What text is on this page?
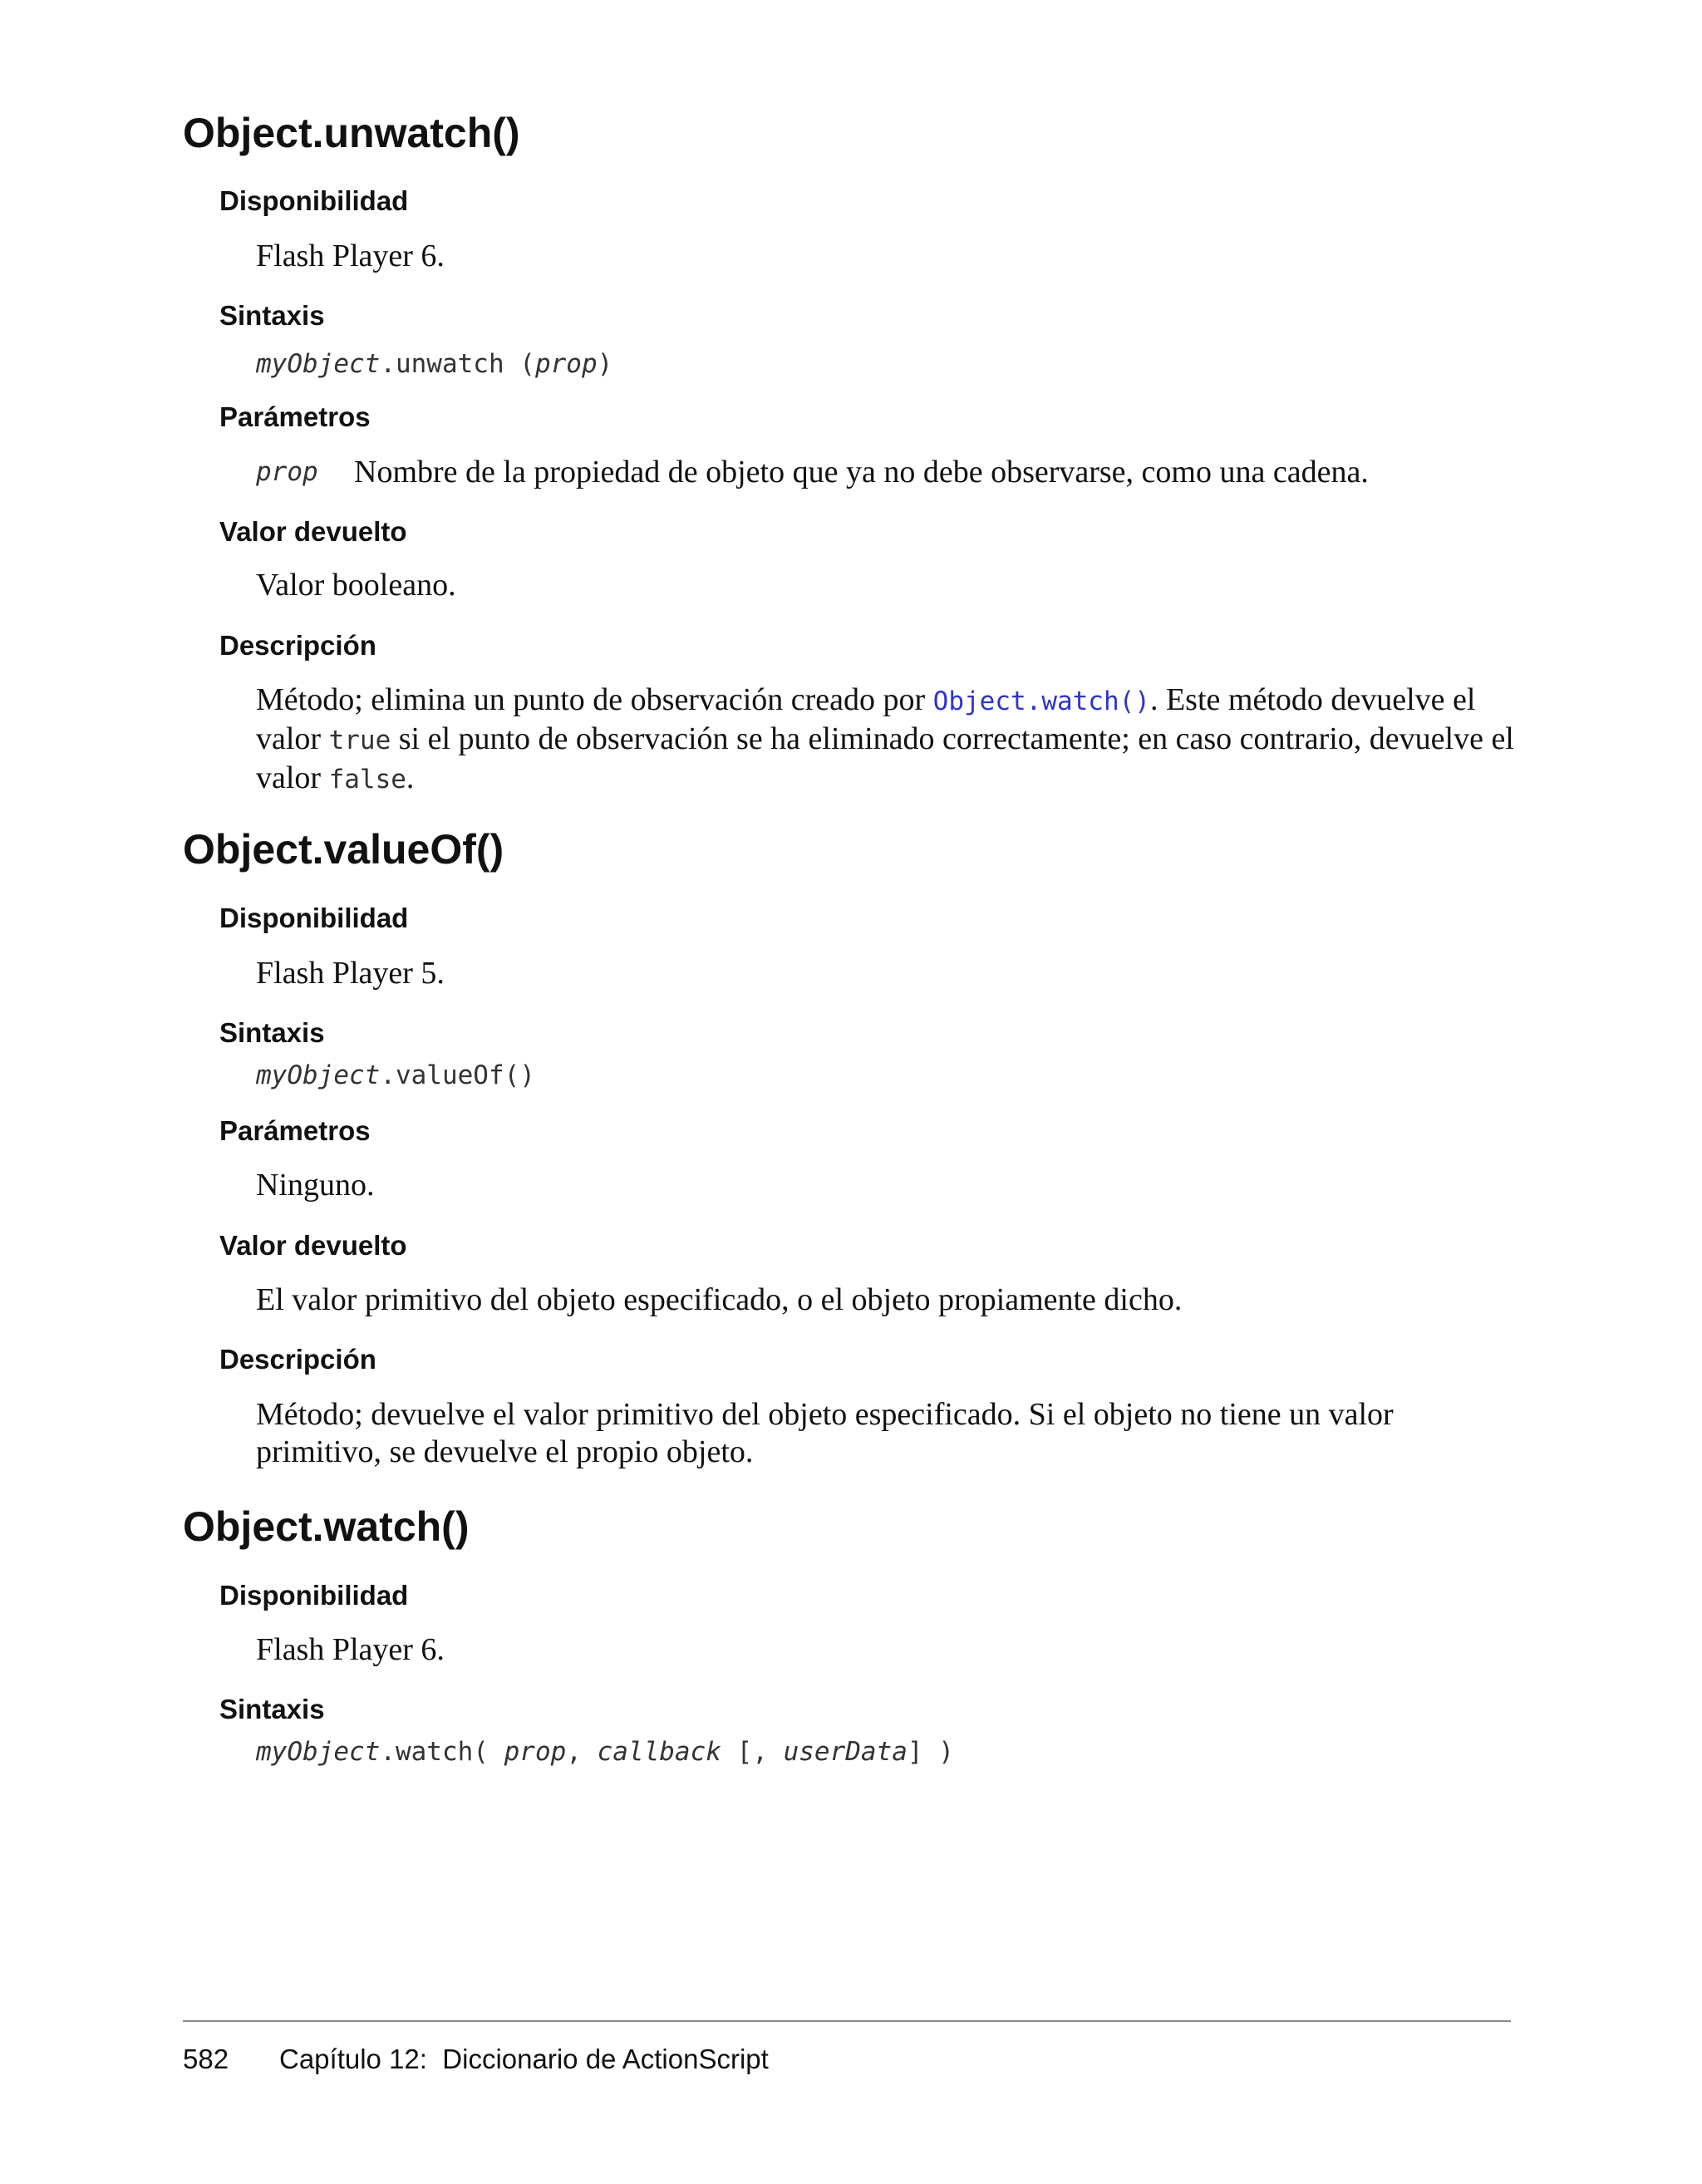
Object.unwatch()
Disponibilidad

Flash Player 6.

Sintaxis
myObject.unwatch (prop)
Parámetros
prop Nombre de la propiedad de objeto que ya no debe observarse, como una cadena.

Valor devuelto

Valor booleano.

Descripción

Método; elimina un punto de observación creado por Object.watch(). Este método devuelve el valor true si el punto de observación se ha eliminado correctamente; en caso contrario, devuelve el valor false.

Object.valueOf()
Disponibilidad

Flash Player 5.

Sintaxis
myObject.valueOf()
Parámetros

Ninguno.

Valor devuelto

El valor primitivo del objeto especificado, o el objeto propiamente dicho.

Descripción

Método; devuelve el valor primitivo del objeto especificado. Si el objeto no tiene un valor primitivo, se devuelve el propio objeto.

Object.watch()
Disponibilidad

Flash Player 6.

Sintaxis
myObject.watch( prop, callback [, userData] )
582 Capítulo 12:  Diccionario de ActionScript
